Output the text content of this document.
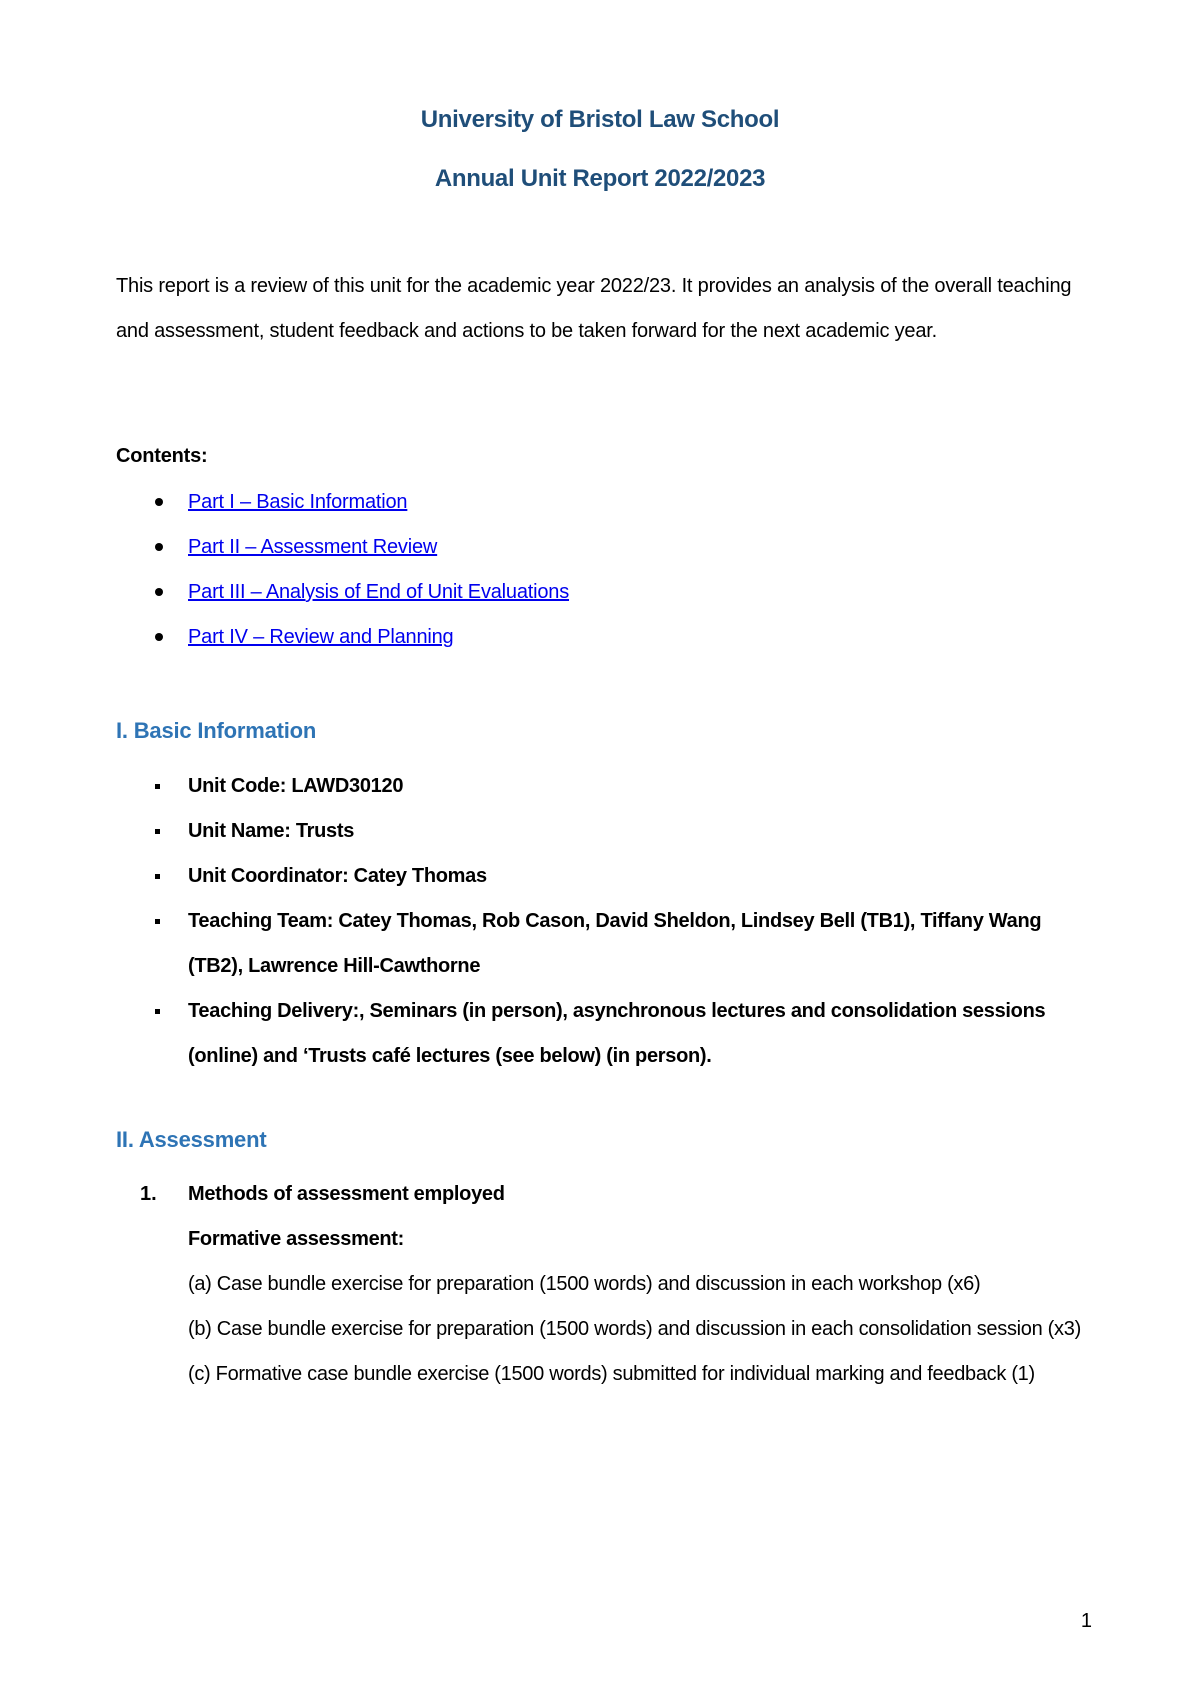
University of Bristol Law School
Annual Unit Report 2022/2023
This report is a review of this unit for the academic year 2022/23. It provides an analysis of the overall teaching and assessment, student feedback and actions to be taken forward for the next academic year.
Contents:
Part I – Basic Information
Part II – Assessment Review
Part III – Analysis of End of Unit Evaluations
Part IV – Review and Planning
I. Basic Information
Unit Code: LAWD30120
Unit Name: Trusts
Unit Coordinator: Catey Thomas
Teaching Team: Catey Thomas, Rob Cason, David Sheldon, Lindsey Bell (TB1), Tiffany Wang (TB2), Lawrence Hill-Cawthorne
Teaching Delivery:, Seminars (in person), asynchronous lectures and consolidation sessions (online) and ‘Trusts café lectures (see below) (in person).
II. Assessment
1. Methods of assessment employed
Formative assessment:
(a) Case bundle exercise for preparation (1500 words) and discussion in each workshop (x6)
(b) Case bundle exercise for preparation (1500 words) and discussion in each consolidation session (x3)
(c) Formative case bundle exercise (1500 words) submitted for individual marking and feedback (1)
1
